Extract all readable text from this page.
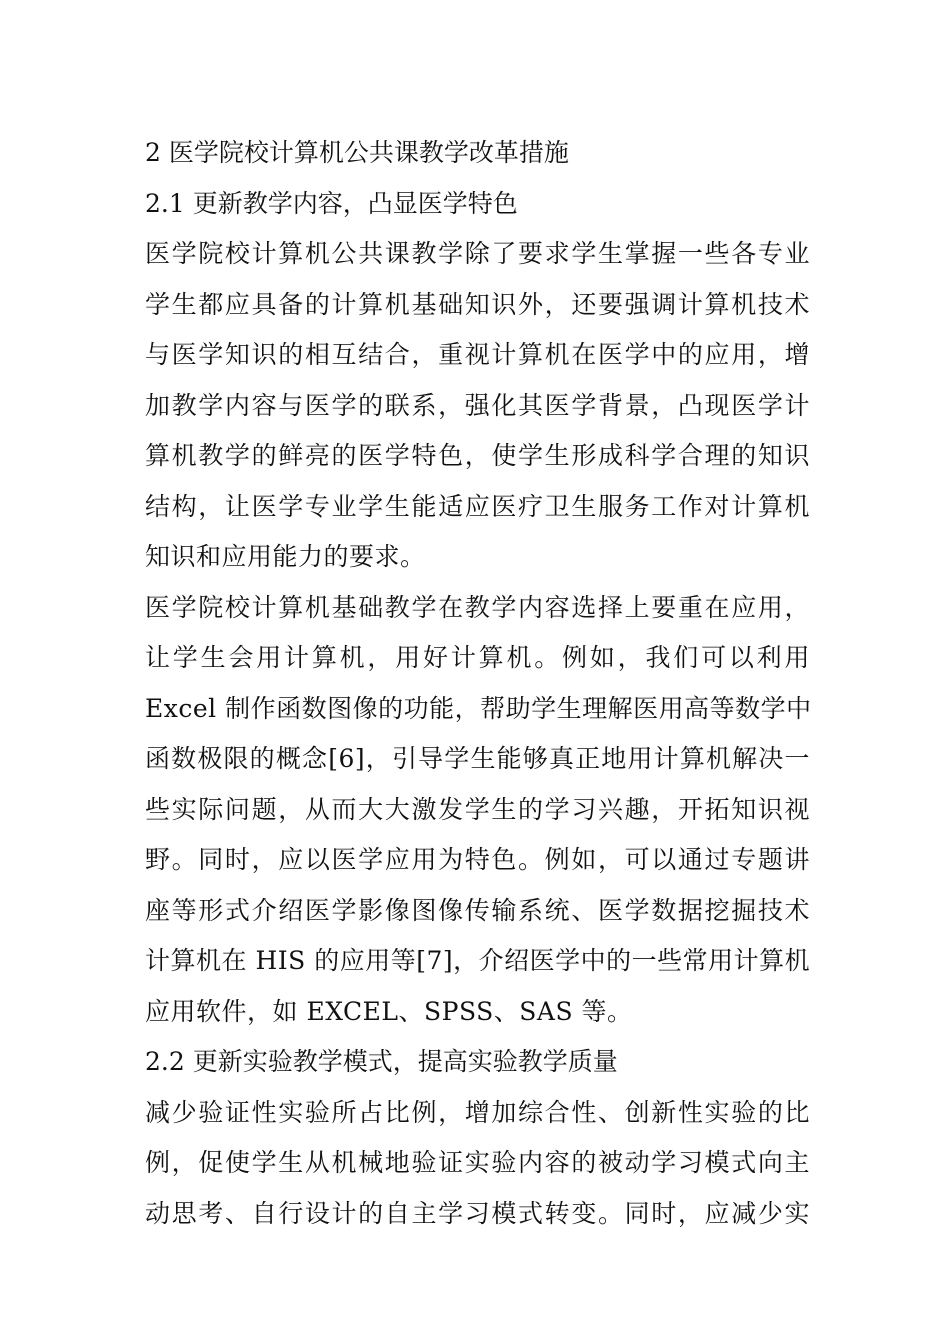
2 医学院校计算机公共课教学改革措施
2.1 更新教学内容，凸显医学特色
医学院校计算机公共课教学除了要求学生掌握一些各专业
学生都应具备的计算机基础知识外，还要强调计算机技术
与医学知识的相互结合，重视计算机在医学中的应用，增
加教学内容与医学的联系，强化其医学背景，凸现医学计
算机教学的鲜亮的医学特色，使学生形成科学合理的知识
结构，让医学专业学生能适应医疗卫生服务工作对计算机
知识和应用能力的要求。
医学院校计算机基础教学在教学内容选择上要重在应用，
让学生会用计算机，用好计算机。例如，我们可以利用
Excel 制作函数图像的功能，帮助学生理解医用高等数学中
函数极限的概念[6]，引导学生能够真正地用计算机解决一
些实际问题，从而大大激发学生的学习兴趣，开拓知识视
野。同时，应以医学应用为特色。例如，可以通过专题讲
座等形式介绍医学影像图像传输系统、医学数据挖掘技术
计算机在 HIS 的应用等[7]，介绍医学中的一些常用计算机
应用软件，如 EXCEL、SPSS、SAS 等。
2.2 更新实验教学模式，提高实验教学质量
减少验证性实验所占比例，增加综合性、创新性实验的比
例，促使学生从机械地验证实验内容的被动学习模式向主
动思考、自行设计的自主学习模式转变。同时，应减少实
